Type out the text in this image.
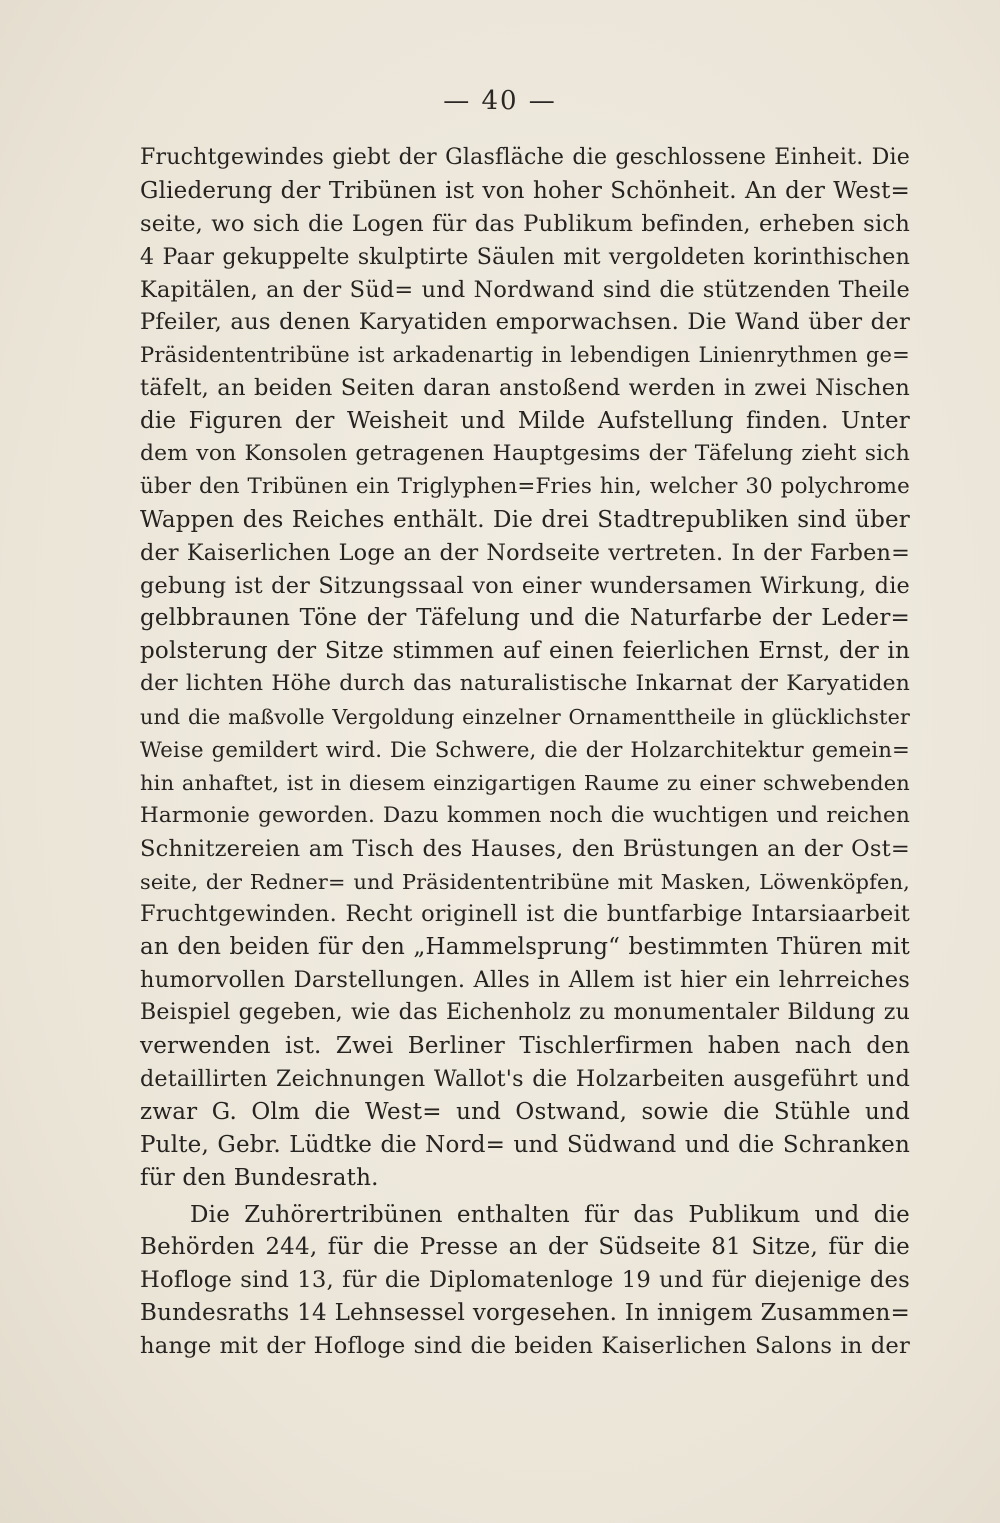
— 40 —
Fruchtgewindes giebt der Glasfläche die geschlossene Einheit. Die
Gliederung der Tribünen ist von hoher Schönheit. An der West=
seite, wo sich die Logen für das Publikum befinden, erheben sich
4 Paar gekuppelte skulptirte Säulen mit vergoldeten korinthischen
Kapitälen, an der Süd= und Nordwand sind die stützenden Theile
Pfeiler, aus denen Karyatiden emporwachsen. Die Wand über der
Präsidententribüne ist arkadenartig in lebendigen Linienrythmen ge=
täfelt, an beiden Seiten daran anstoßend werden in zwei Nischen
die Figuren der Weisheit und Milde Aufstellung finden. Unter
dem von Konsolen getragenen Hauptgesims der Täfelung zieht sich
über den Tribünen ein Triglyphen=Fries hin, welcher 30 polychrome
Wappen des Reiches enthält. Die drei Stadtrepubliken sind über
der Kaiserlichen Loge an der Nordseite vertreten. In der Farben=
gebung ist der Sitzungssaal von einer wundersamen Wirkung, die
gelbbraunen Töne der Täfelung und die Naturfarbe der Leder=
polsterung der Sitze stimmen auf einen feierlichen Ernst, der in
der lichten Höhe durch das naturalistische Inkarnat der Karyatiden
und die maßvolle Vergoldung einzelner Ornamenttheile in glücklichster
Weise gemildert wird. Die Schwere, die der Holzarchitektur gemein=
hin anhaftet, ist in diesem einzigartigen Raume zu einer schwebenden
Harmonie geworden. Dazu kommen noch die wuchtigen und reichen
Schnitzereien am Tisch des Hauses, den Brüstungen an der Ost=
seite, der Redner= und Präsidententribüne mit Masken, Löwenköpfen,
Fruchtgewinden. Recht originell ist die buntfarbige Intarsiaarbeit
an den beiden für den „Hammelsprung“ bestimmten Thüren mit
humorvollen Darstellungen. Alles in Allem ist hier ein lehrreiches
Beispiel gegeben, wie das Eichenholz zu monumentaler Bildung zu
verwenden ist. Zwei Berliner Tischlerfirmen haben nach den
detaillirten Zeichnungen Wallot's die Holzarbeiten ausgeführt und
zwar G. Olm die West= und Ostwand, sowie die Stühle und
Pulte, Gebr. Lüdtke die Nord= und Südwand und die Schranken
für den Bundesrath.
Die Zuhörertribünen enthalten für das Publikum und die
Behörden 244, für die Presse an der Südseite 81 Sitze, für die
Hofloge sind 13, für die Diplomatenloge 19 und für diejenige des
Bundesraths 14 Lehnsessel vorgesehen. In innigem Zusammen=
hange mit der Hofloge sind die beiden Kaiserlichen Salons in der
